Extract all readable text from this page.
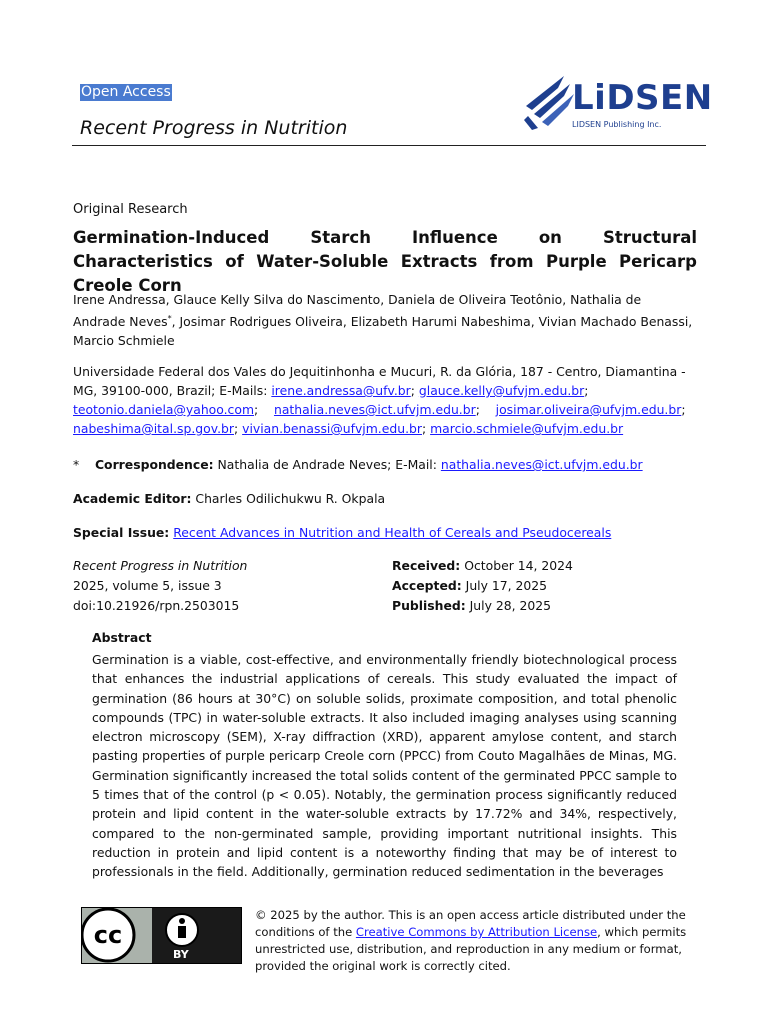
Open Access
Recent Progress in Nutrition
LiDSEN
LIDSEN Publishing Inc.
Original Research
Germination-Induced Starch Influence on Structural Characteristics of Water-Soluble Extracts from Purple Pericarp Creole Corn
Irene Andressa, Glauce Kelly Silva do Nascimento, Daniela de Oliveira Teotônio, Nathalia de Andrade Neves*, Josimar Rodrigues Oliveira, Elizabeth Harumi Nabeshima, Vivian Machado Benassi, Marcio Schmiele
Universidade Federal dos Vales do Jequitinhonha e Mucuri, R. da Glória, 187 - Centro, Diamantina - MG, 39100-000, Brazil; E-Mails: irene.andressa@ufv.br; glauce.kelly@ufvjm.edu.br; teotonio.daniela@yahoo.com;    nathalia.neves@ict.ufvjm.edu.br;    josimar.oliveira@ufvjm.edu.br; nabeshima@ital.sp.gov.br; vivian.benassi@ufvjm.edu.br; marcio.schmiele@ufvjm.edu.br
* Correspondence: Nathalia de Andrade Neves; E-Mail: nathalia.neves@ict.ufvjm.edu.br
Academic Editor: Charles Odilichukwu R. Okpala
Special Issue: Recent Advances in Nutrition and Health of Cereals and Pseudocereals
Recent Progress in Nutrition
2025, volume 5, issue 3
doi:10.21926/rpn.2503015
Received: October 14, 2024
Accepted: July 17, 2025
Published: July 28, 2025
Abstract
Germination is a viable, cost-effective, and environmentally friendly biotechnological process that enhances the industrial applications of cereals. This study evaluated the impact of germination (86 hours at 30°C) on soluble solids, proximate composition, and total phenolic compounds (TPC) in water-soluble extracts. It also included imaging analyses using scanning electron microscopy (SEM), X-ray diffraction (XRD), apparent amylose content, and starch pasting properties of purple pericarp Creole corn (PPCC) from Couto Magalhães de Minas, MG. Germination significantly increased the total solids content of the germinated PPCC sample to 5 times that of the control (p < 0.05). Notably, the germination process significantly reduced protein and lipid content in the water-soluble extracts by 17.72% and 34%, respectively, compared to the non-germinated sample, providing important nutritional insights. This reduction in protein and lipid content is a noteworthy finding that may be of interest to professionals in the field. Additionally, germination reduced sedimentation in the beverages
cc
BY
© 2025 by the author. This is an open access article distributed under the conditions of the Creative Commons by Attribution License, which permits unrestricted use, distribution, and reproduction in any medium or format, provided the original work is correctly cited.
